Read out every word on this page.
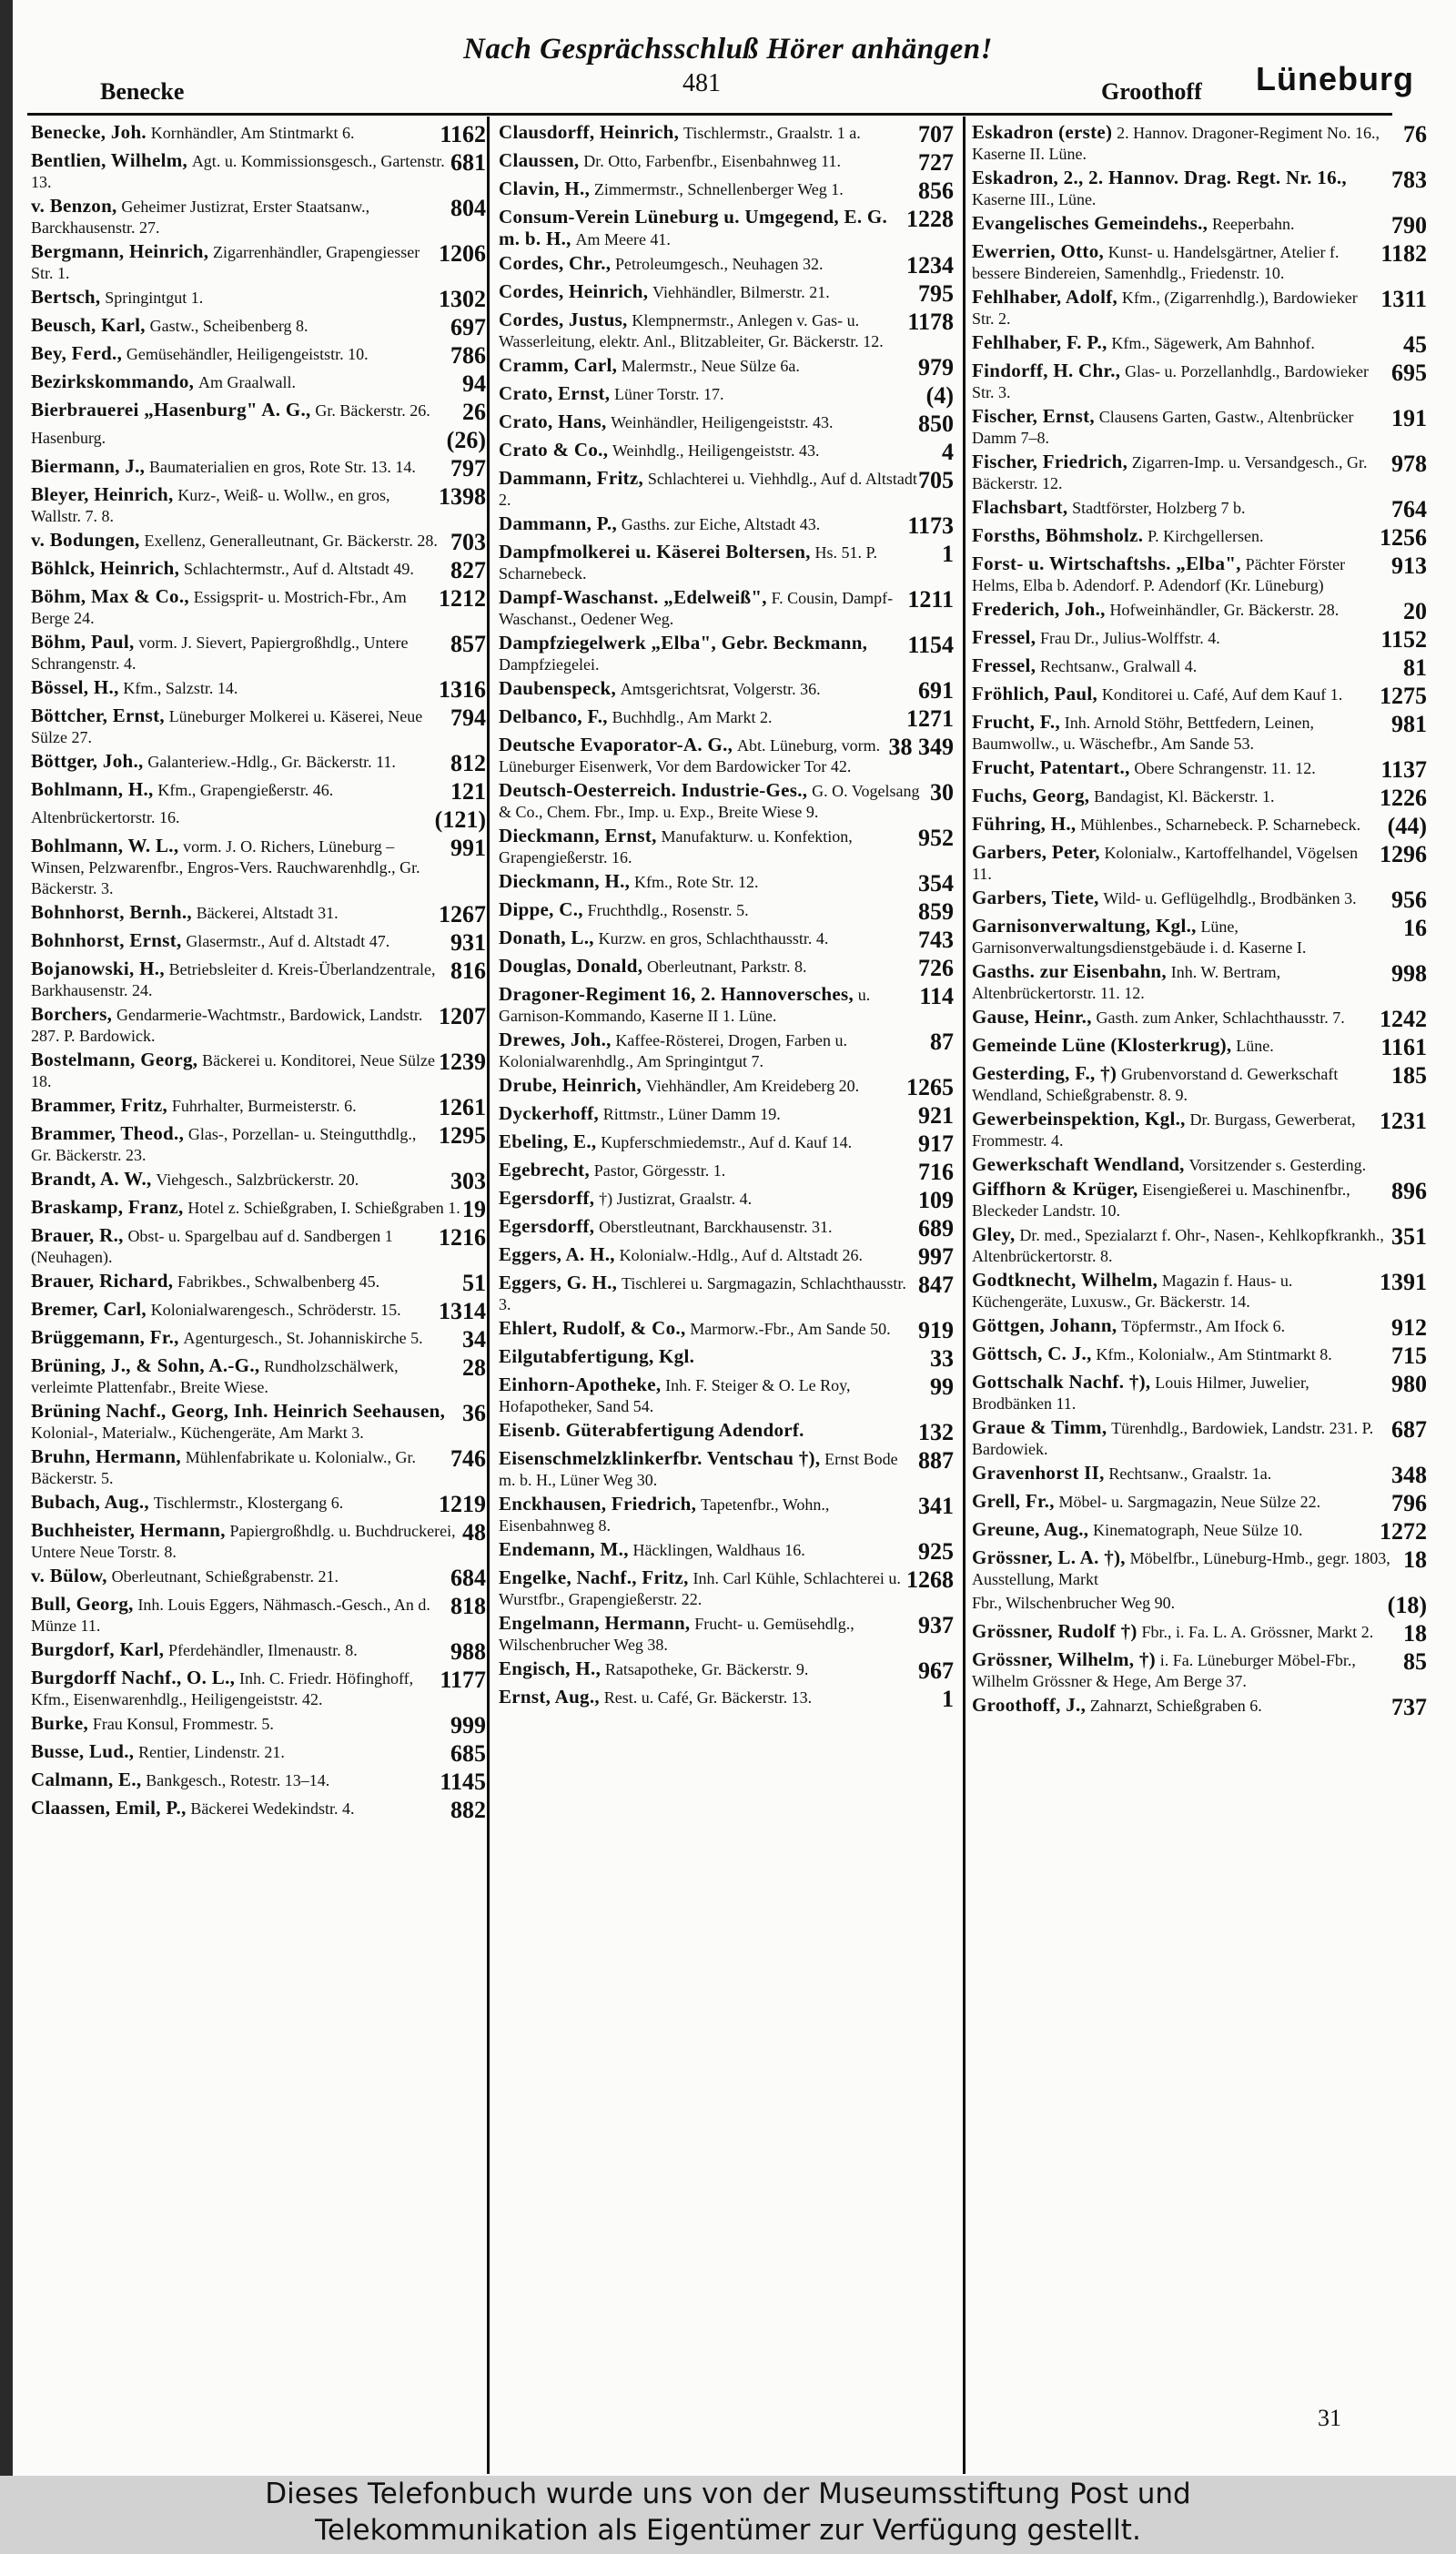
Nach Gesprächsschluß Hörer anhängen!
Benecke	481	Groothoff Lüneburg
1162
Benecke, Joh. Kornhändler, Am Stintmarkt 6.
681
Bentlien, Wilhelm, Agt. u. Kommissionsgesch., Gartenstr. 13.
804
v. Benzon, Geheimer Justizrat, Erster Staatsanw., Barckhausenstr. 27.
1206
Bergmann, Heinrich, Zigarrenhändler, Grapengiesser Str. 1.
1302
Bertsch, Springintgut 1.
697
Beusch, Karl, Gastw., Scheibenberg 8.
786
Bey, Ferd., Gemüsehändler, Heiligengeiststr. 10.
94
Bezirkskommando, Am Graalwall.
26
Bierbrauerei „Hasenburg" A. G., Gr. Bäckerstr. 26.
(26)
Hasenburg.
797
Biermann, J., Baumaterialien en gros, Rote Str. 13. 14.
1398
Bleyer, Heinrich, Kurz-, Weiß- u. Wollw., en gros, Wallstr. 7. 8.
703
v. Bodungen, Exellenz, Generalleutnant, Gr. Bäckerstr. 28.
827
Böhlck, Heinrich, Schlachtermstr., Auf d. Altstadt 49.
1212
Böhm, Max & Co., Essigsprit- u. Mostrich-Fbr., Am Berge 24.
857
Böhm, Paul, vorm. J. Sievert, Papiergroßhdlg., Untere Schrangenstr. 4.
1316
Bössel, H., Kfm., Salzstr. 14.
794
Böttcher, Ernst, Lüneburger Molkerei u. Käserei, Neue Sülze 27.
812
Böttger, Joh., Galanteriew.-Hdlg., Gr. Bäckerstr. 11.
121
Bohlmann, H., Kfm., Grapengießerstr. 46.
(121)
Altenbrückertorstr. 16.
991
Bohlmann, W. L., vorm. J. O. Richers, Lüneburg – Winsen, Pelzwarenfbr., Engros-Vers. Rauchwarenhdlg., Gr. Bäckerstr. 3.
1267
Bohnhorst, Bernh., Bäckerei, Altstadt 31.
931
Bohnhorst, Ernst, Glasermstr., Auf d. Altstadt 47.
816
Bojanowski, H., Betriebsleiter d. Kreis-Überlandzentrale, Barkhausenstr. 24.
1207
Borchers, Gendarmerie-Wachtmstr., Bardowick, Landstr. 287. P. Bardowick.
1239
Bostelmann, Georg, Bäckerei u. Konditorei, Neue Sülze 18.
1261
Brammer, Fritz, Fuhrhalter, Burmeisterstr. 6.
1295
Brammer, Theod., Glas-, Porzellan- u. Steingutthdlg., Gr. Bäckerstr. 23.
303
Brandt, A. W., Viehgesch., Salzbrückerstr. 20.
19
Braskamp, Franz, Hotel z. Schießgraben, I. Schießgraben 1.
1216
Brauer, R., Obst- u. Spargelbau auf d. Sandbergen 1 (Neuhagen).
51
Brauer, Richard, Fabrikbes., Schwalbenberg 45.
1314
Bremer, Carl, Kolonialwarengesch., Schröderstr. 15.
34
Brüggemann, Fr., Agenturgesch., St. Johanniskirche 5.
28
Brüning, J., & Sohn, A.-G., Rundholzschälwerk, verleimte Plattenfabr., Breite Wiese.
36
Brüning Nachf., Georg, Inh. Heinrich Seehausen, Kolonial-, Materialw., Küchengeräte, Am Markt 3.
746
Bruhn, Hermann, Mühlenfabrikate u. Kolonialw., Gr. Bäckerstr. 5.
1219
Bubach, Aug., Tischlermstr., Klostergang 6.
48
Buchheister, Hermann, Papiergroßhdlg. u. Buchdruckerei, Untere Neue Torstr. 8.
684
v. Bülow, Oberleutnant, Schießgrabenstr. 21.
818
Bull, Georg, Inh. Louis Eggers, Nähmasch.-Gesch., An d. Münze 11.
988
Burgdorf, Karl, Pferdehändler, Ilmenaustr. 8.
1177
Burgdorff Nachf., O. L., Inh. C. Friedr. Höfinghoff, Kfm., Eisenwarenhdlg., Heiligengeiststr. 42.
999
Burke, Frau Konsul, Frommestr. 5.
685
Busse, Lud., Rentier, Lindenstr. 21.
1145
Calmann, E., Bankgesch., Rotestr. 13–14.
882
Claassen, Emil, P., Bäckerei Wedekindstr. 4.
707
Clausdorff, Heinrich, Tischlermstr., Graalstr. 1 a.
727
Claussen, Dr. Otto, Farbenfbr., Eisenbahnweg 11.
856
Clavin, H., Zimmermstr., Schnellenberger Weg 1.
1228
Consum-Verein Lüneburg u. Umgegend, E. G. m. b. H., Am Meere 41.
1234
Cordes, Chr., Petroleumgesch., Neuhagen 32.
795
Cordes, Heinrich, Viehhändler, Bilmerstr. 21.
1178
Cordes, Justus, Klempnermstr., Anlegen v. Gas- u. Wasserleitung, elektr. Anl., Blitzableiter, Gr. Bäckerstr. 12.
979
Cramm, Carl, Malermstr., Neue Sülze 6a.
(4)
Crato, Ernst, Lüner Torstr. 17.
850
Crato, Hans, Weinhändler, Heiligengeiststr. 43.
4
Crato & Co., Weinhdlg., Heiligengeiststr. 43.
705
Dammann, Fritz, Schlachterei u. Viehhdlg., Auf d. Altstadt 2.
1173
Dammann, P., Gasths. zur Eiche, Altstadt 43.
1
Dampfmolkerei u. Käserei Boltersen, Hs. 51. P. Scharnebeck.
1211
Dampf-Waschanst. „Edelweiß", F. Cousin, Dampf-Waschanst., Oedener Weg.
1154
Dampfziegelwerk „Elba", Gebr. Beckmann, Dampfziegelei.
691
Daubenspeck, Amtsgerichtsrat, Volgerstr. 36.
1271
Delbanco, F., Buchhdlg., Am Markt 2.
38 349
Deutsche Evaporator-A. G., Abt. Lüneburg, vorm. Lüneburger Eisenwerk, Vor dem Bardowicker Tor 42.
30
Deutsch-Oesterreich. Industrie-Ges., G. O. Vogelsang & Co., Chem. Fbr., Imp. u. Exp., Breite Wiese 9.
952
Dieckmann, Ernst, Manufakturw. u. Konfektion, Grapengießerstr. 16.
354
Dieckmann, H., Kfm., Rote Str. 12.
859
Dippe, C., Fruchthdlg., Rosenstr. 5.
743
Donath, L., Kurzw. en gros, Schlachthausstr. 4.
726
Douglas, Donald, Oberleutnant, Parkstr. 8.
114
Dragoner-Regiment 16, 2. Hannoversches, u. Garnison-Kommando, Kaserne II 1. Lüne.
87
Drewes, Joh., Kaffee-Rösterei, Drogen, Farben u. Kolonialwarenhdlg., Am Springintgut 7.
1265
Drube, Heinrich, Viehhändler, Am Kreideberg 20.
921
Dyckerhoff, Rittmstr., Lüner Damm 19.
917
Ebeling, E., Kupferschmiedemstr., Auf d. Kauf 14.
716
Egebrecht, Pastor, Görgesstr. 1.
109
Egersdorff, †) Justizrat, Graalstr. 4.
689
Egersdorff, Oberstleutnant, Barckhausenstr. 31.
997
Eggers, A. H., Kolonialw.-Hdlg., Auf d. Altstadt 26.
847
Eggers, G. H., Tischlerei u. Sargmagazin, Schlachthausstr. 3.
919
Ehlert, Rudolf, & Co., Marmorw.-Fbr., Am Sande 50.
33
Eilgutabfertigung, Kgl.
99
Einhorn-Apotheke, Inh. F. Steiger & O. Le Roy, Hofapotheker, Sand 54.
132
Eisenb. Güterabfertigung Adendorf.
887
Eisenschmelzklinkerfbr. Ventschau †), Ernst Bode m. b. H., Lüner Weg 30.
341
Enckhausen, Friedrich, Tapetenfbr., Wohn., Eisenbahnweg 8.
925
Endemann, M., Häcklingen, Waldhaus 16.
1268
Engelke, Nachf., Fritz, Inh. Carl Kühle, Schlachterei u. Wurstfbr., Grapengießerstr. 22.
937
Engelmann, Hermann, Frucht- u. Gemüsehdlg., Wilschenbrucher Weg 38.
967
Engisch, H., Ratsapotheke, Gr. Bäckerstr. 9.
1
Ernst, Aug., Rest. u. Café, Gr. Bäckerstr. 13.
76
Eskadron (erste) 2. Hannov. Dragoner-Regiment No. 16., Kaserne II. Lüne.
783
Eskadron, 2., 2. Hannov. Drag. Regt. Nr. 16., Kaserne III., Lüne.
790
Evangelisches Gemeindehs., Reeperbahn.
1182
Ewerrien, Otto, Kunst- u. Handelsgärtner, Atelier f. bessere Bindereien, Samenhdlg., Friedenstr. 10.
1311
Fehlhaber, Adolf, Kfm., (Zigarrenhdlg.), Bardowieker Str. 2.
45
Fehlhaber, F. P., Kfm., Sägewerk, Am Bahnhof.
695
Findorff, H. Chr., Glas- u. Porzellanhdlg., Bardowieker Str. 3.
191
Fischer, Ernst, Clausens Garten, Gastw., Altenbrücker Damm 7–8.
978
Fischer, Friedrich, Zigarren-Imp. u. Versandgesch., Gr. Bäckerstr. 12.
764
Flachsbart, Stadtförster, Holzberg 7 b.
1256
Forsths, Böhmsholz. P. Kirchgellersen.
913
Forst- u. Wirtschaftshs. „Elba", Pächter Förster Helms, Elba b. Adendorf. P. Adendorf (Kr. Lüneburg)
20
Frederich, Joh., Hofweinhändler, Gr. Bäckerstr. 28.
1152
Fressel, Frau Dr., Julius-Wolffstr. 4.
81
Fressel, Rechtsanw., Gralwall 4.
1275
Fröhlich, Paul, Konditorei u. Café, Auf dem Kauf 1.
981
Frucht, F., Inh. Arnold Stöhr, Bettfedern, Leinen, Baumwollw., u. Wäschefbr., Am Sande 53.
1137
Frucht, Patentart., Obere Schrangenstr. 11. 12.
1226
Fuchs, Georg, Bandagist, Kl. Bäckerstr. 1.
(44)
Führing, H., Mühlenbes., Scharnebeck. P. Scharnebeck.
1296
Garbers, Peter, Kolonialw., Kartoffelhandel, Vögelsen 11.
956
Garbers, Tiete, Wild- u. Geflügelhdlg., Brodbänken 3.
16
Garnisonverwaltung, Kgl., Lüne, Garnisonverwaltungsdienstgebäude i. d. Kaserne I.
998
Gasths. zur Eisenbahn, Inh. W. Bertram, Altenbrückertorstr. 11. 12.
1242
Gause, Heinr., Gasth. zum Anker, Schlachthausstr. 7.
1161
Gemeinde Lüne (Klosterkrug), Lüne.
185
Gesterding, F., †) Grubenvorstand d. Gewerkschaft Wendland, Schießgrabenstr. 8. 9.
1231
Gewerbeinspektion, Kgl., Dr. Burgass, Gewerberat, Frommestr. 4.
Gewerkschaft Wendland, Vorsitzender s. Gesterding.
896
Giffhorn & Krüger, Eisengießerei u. Maschinenfbr., Bleckeder Landstr. 10.
351
Gley, Dr. med., Spezialarzt f. Ohr-, Nasen-, Kehlkopfkrankh., Altenbrückertorstr. 8.
1391
Godtknecht, Wilhelm, Magazin f. Haus- u. Küchengeräte, Luxusw., Gr. Bäckerstr. 14.
912
Göttgen, Johann, Töpfermstr., Am Ifock 6.
715
Göttsch, C. J., Kfm., Kolonialw., Am Stintmarkt 8.
980
Gottschalk Nachf. †), Louis Hilmer, Juwelier, Brodbänken 11.
687
Graue & Timm, Türenhdlg., Bardowiek, Landstr. 231. P. Bardowiek.
348
Gravenhorst II, Rechtsanw., Graalstr. 1a.
796
Grell, Fr., Möbel- u. Sargmagazin, Neue Sülze 22.
1272
Greune, Aug., Kinematograph, Neue Sülze 10.
18
Grössner, L. A. †), Möbelfbr., Lüneburg-Hmb., gegr. 1803, Ausstellung, Markt
(18)
Fbr., Wilschenbrucher Weg 90.
18
Grössner, Rudolf †) Fbr., i. Fa. L. A. Grössner, Markt 2.
85
Grössner, Wilhelm, †) i. Fa. Lüneburger Möbel-Fbr., Wilhelm Grössner & Hege, Am Berge 37.
737
Groothoff, J., Zahnarzt, Schießgraben 6.
31
Dieses Telefonbuch wurde uns von der Museumsstiftung Post und
Telekommunikation als Eigentümer zur Verfügung gestellt.
